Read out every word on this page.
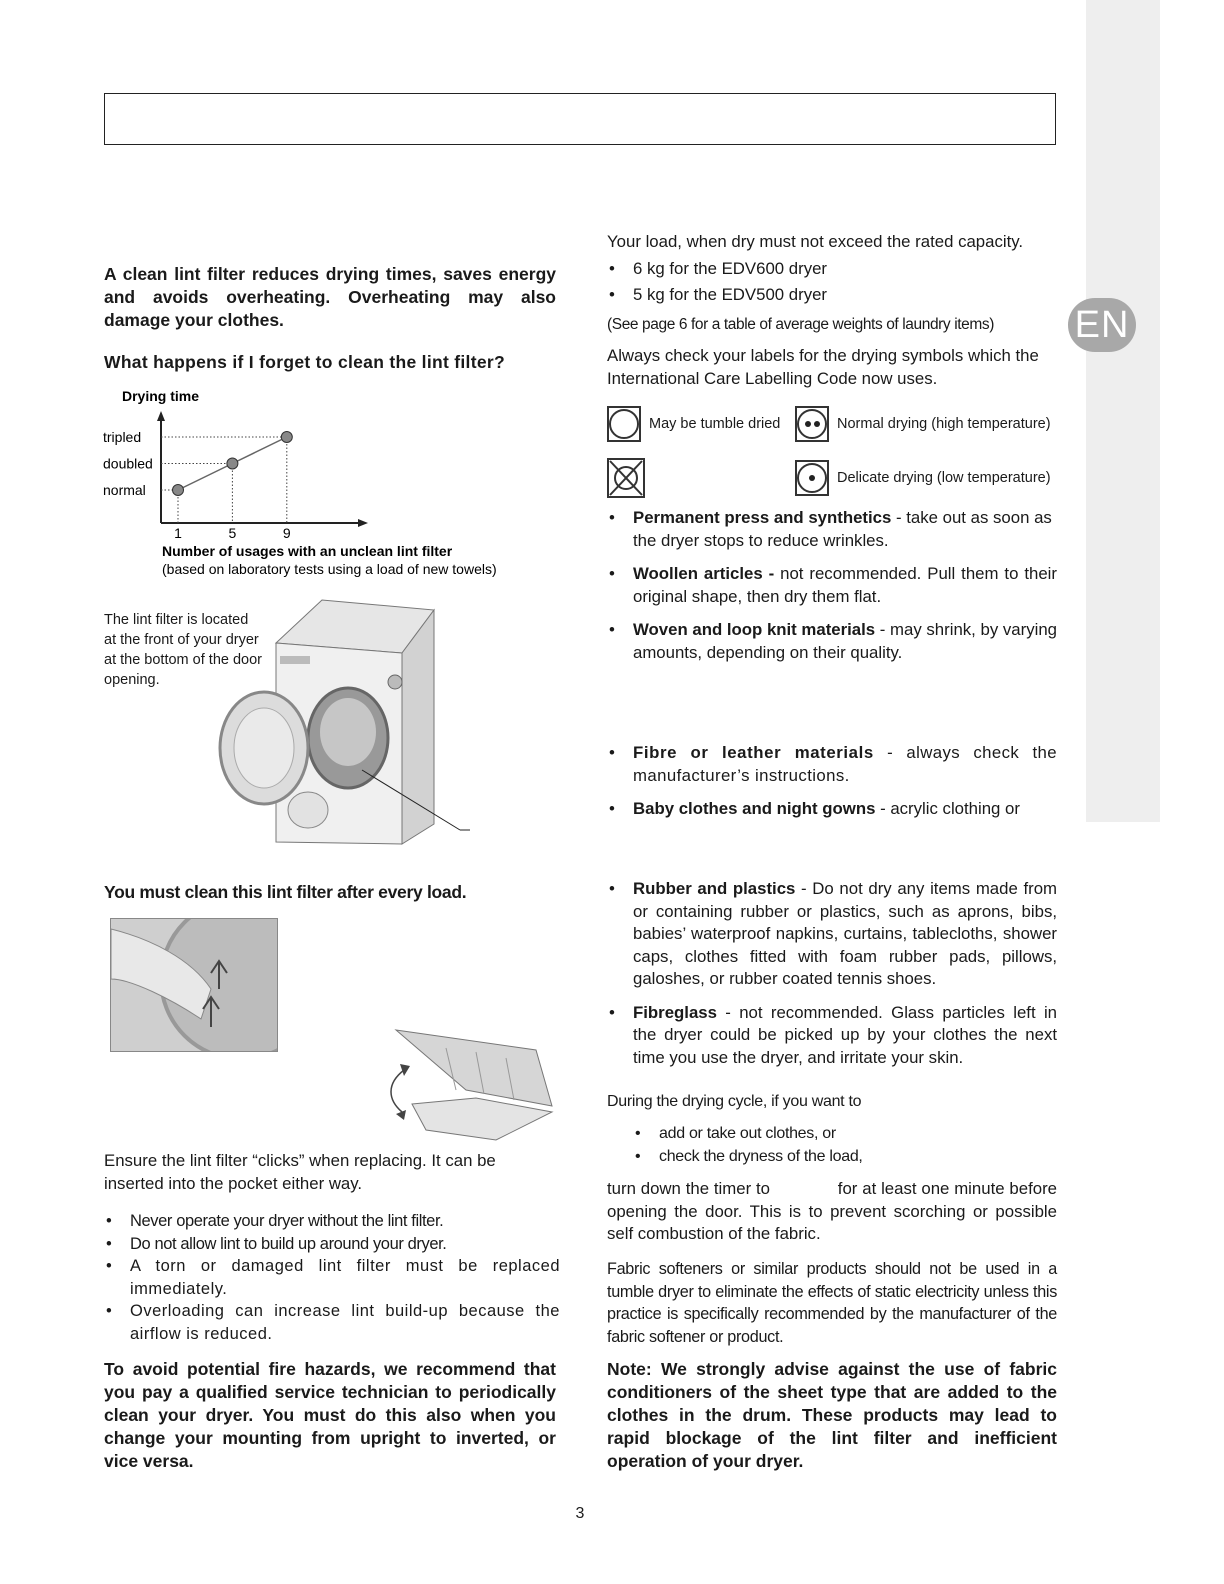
EN
A clean lint filter reduces drying times, saves energy and avoids overheating. Overheating may also damage your clothes.
What happens if I forget to clean the lint filter?
Drying time
normal
doubled
tripled
1	5	9
Number of usages with an unclean lint filter
(based on laboratory tests using a load of new towels)
The lint filter is located at the front of your dryer at the bottom of the door opening.
You must clean this lint filter after every load.
Ensure the lint filter “clicks” when replacing. It can be inserted into the pocket either way.
• Never operate your dryer without the lint filter.
• Do not allow lint to build up around your dryer.
• A torn or damaged lint filter must be replaced immediately.
• Overloading can increase lint build-up because the airflow is reduced.
To avoid potential fire hazards, we recommend that you pay a qualified service technician to periodically clean your dryer. You must do this also when you change your mounting from upright to inverted, or vice versa.
Your load, when dry must not exceed the rated capacity.
• 6 kg for the EDV600 dryer
• 5 kg for the EDV500 dryer
(See page 6 for a table of average weights of laundry items)
Always check your labels for the drying symbols which the International Care Labelling Code now uses.
May be tumble dried	Normal drying (high temperature)
Delicate drying (low temperature)
• Permanent press and synthetics - take out as soon as the dryer stops to reduce wrinkles.
• Woollen articles - not recommended. Pull them to their original shape, then dry them flat.
• Woven and loop knit materials - may shrink, by varying amounts, depending on their quality.
• Fibre or leather materials - always check the manufacturer’s instructions.
• Baby clothes and night gowns - acrylic clothing or
• Rubber and plastics - Do not dry any items made from or containing rubber or plastics, such as aprons, bibs, babies’ waterproof napkins, curtains, tablecloths, shower caps, clothes fitted with foam rubber pads, pillows, galoshes, or rubber coated tennis shoes.
• Fibreglass - not recommended. Glass particles left in the dryer could be picked up by your clothes the next time you use the dryer, and irritate your skin.
During the drying cycle, if you want to
• add or take out clothes, or
• check the dryness of the load,
turn down the timer to              for at least one minute before opening the door. This is to prevent scorching or possible self combustion of the fabric.
Fabric softeners or similar products should not be used in a tumble dryer to eliminate the effects of static electricity unless this practice is specifically recommended by the manufacturer of the fabric softener or product.
Note: We strongly advise against the use of fabric conditioners of the sheet type that are added to the clothes in the drum. These products may lead to rapid blockage of the lint filter and inefficient operation of your dryer.
3
